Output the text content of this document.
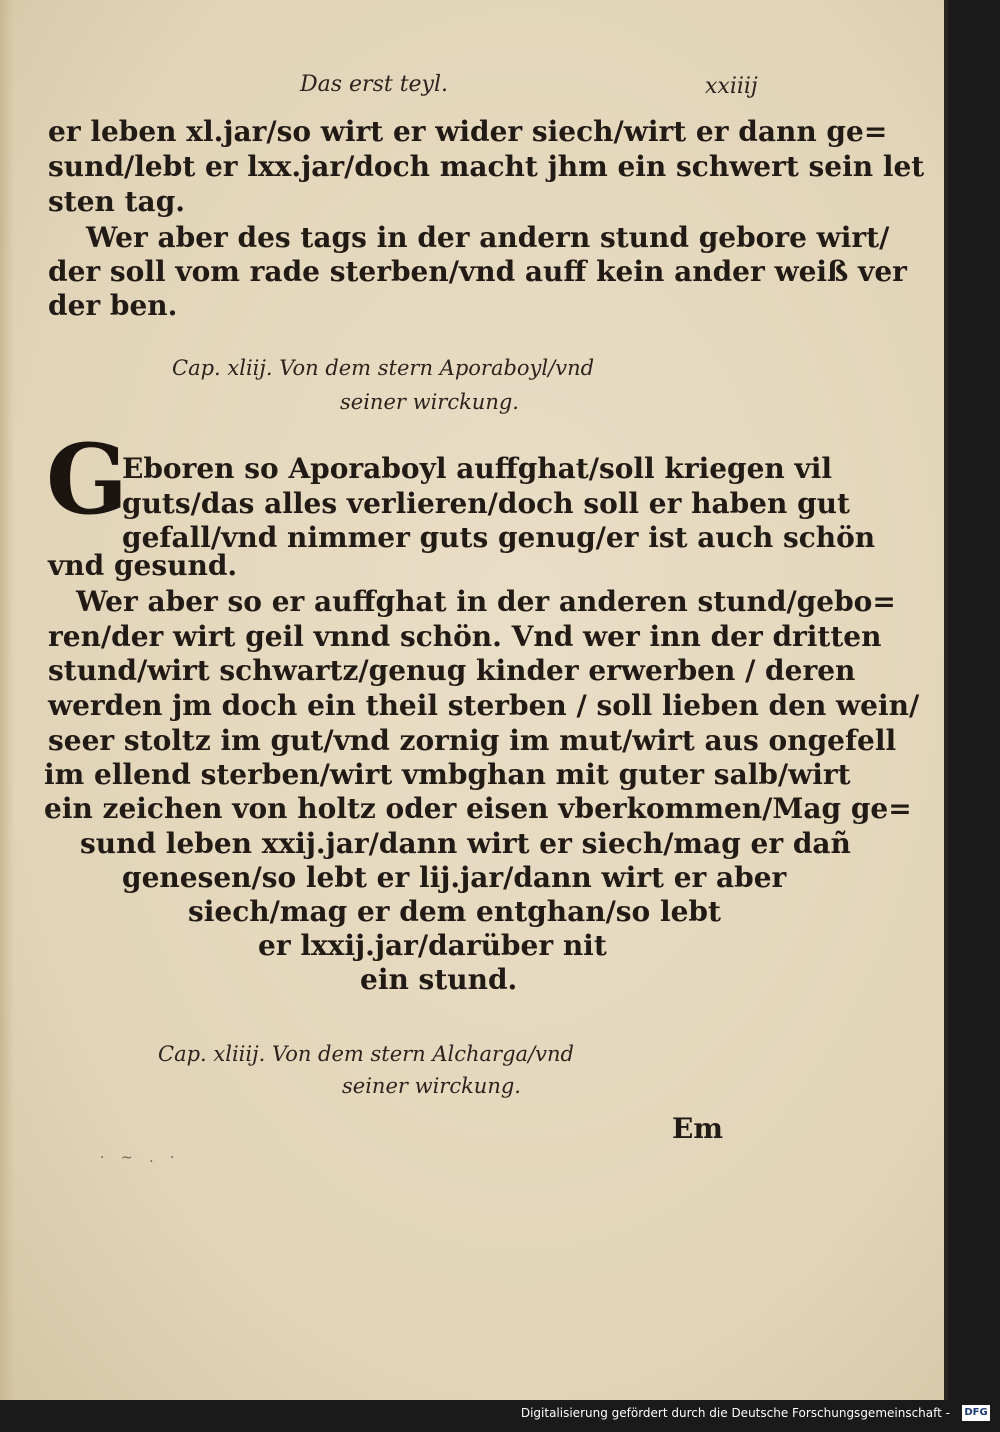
Das erst teyl.	xxiiij
er leben xl.jar/so wirt er wider siech/wirt er dann ge=
sund/lebt er lxx.jar/doch macht jhm ein schwert sein let
sten tag.
Wer aber des tags in der andern stund gebore wirt/
der soll vom rade sterben/vnd auff kein ander weiß ver
der ben.
Cap. xliij. Von dem stern Aporaboyl/vnd
seiner wirckung.
G
Eboren so Aporaboyl auffghat/soll kriegen vil
guts/das alles verlieren/doch soll er haben gut
gefall/vnd nimmer guts genug/er ist auch schön
vnd gesund.
Wer aber so er auffghat in der anderen stund/gebo=
ren/der wirt geil vnnd schön. Vnd wer inn der dritten
stund/wirt schwartz/genug kinder erwerben / deren
werden jm doch ein theil sterben / soll lieben den wein/
seer stoltz im gut/vnd zornig im mut/wirt aus ongefell
im ellend sterben/wirt vmbghan mit guter salb/wirt
ein zeichen von holtz oder eisen vberkommen/Mag ge=
sund leben xxij.jar/dann wirt er siech/mag er dañ
genesen/so lebt er lij.jar/dann wirt er aber
siech/mag er dem entghan/so lebt
er lxxij.jar/darüber nit
ein stund.
Cap. xliiij. Von dem stern Alcharga/vnd
seiner wirckung.
· ~ . ·
Em
Digitalisierung gefördert durch die Deutsche Forschungsgemeinschaft - DFG
